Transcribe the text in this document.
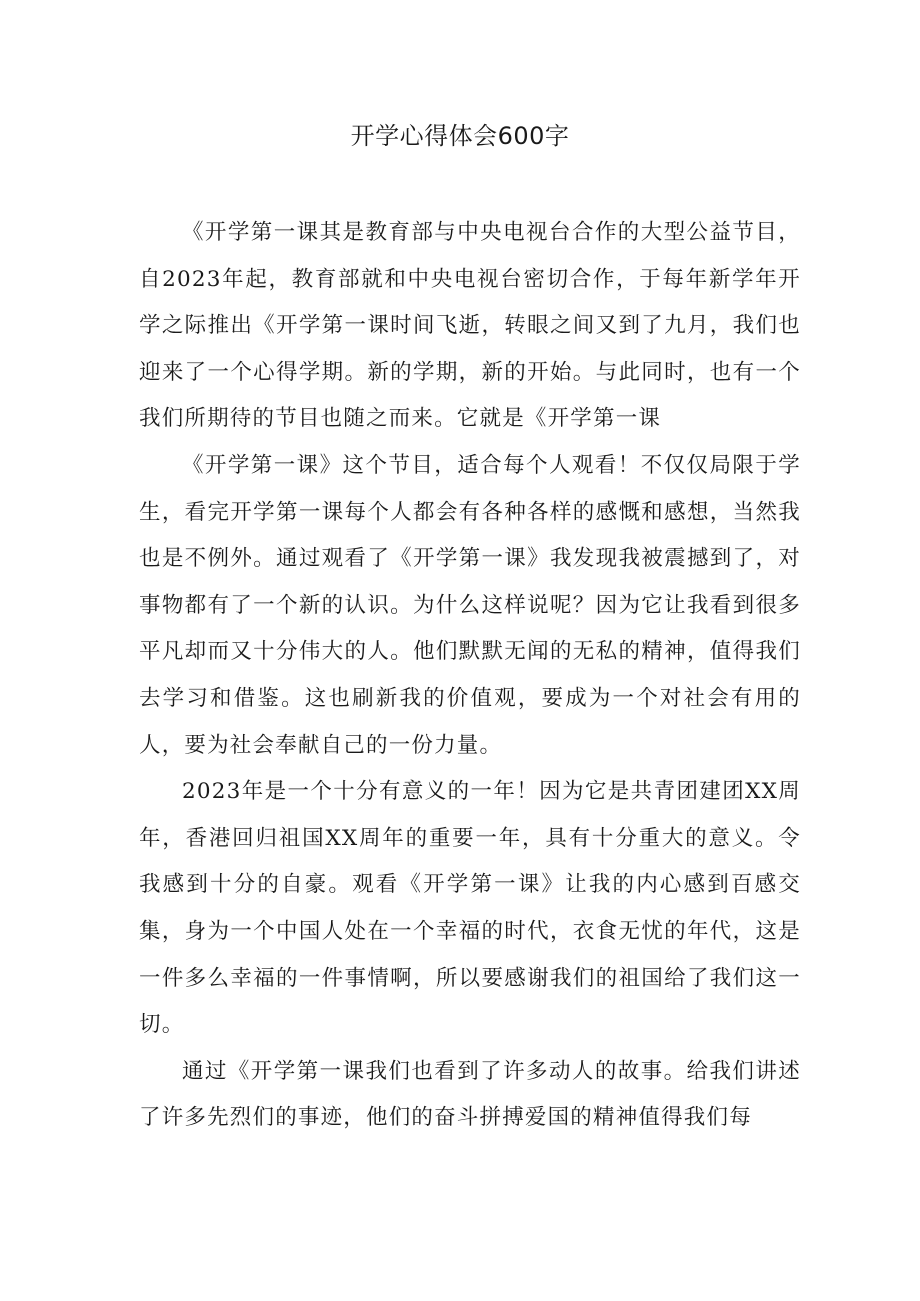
开学心得体会600字

《开学第一课其是教育部与中央电视台合作的大型公益节目，自2023年起，教育部就和中央电视台密切合作，于每年新学年开学之际推出《开学第一课时间飞逝，转眼之间又到了九月，我们也迎来了一个心得学期。新的学期，新的开始。与此同时，也有一个我们所期待的节目也随之而来。它就是《开学第一课

《开学第一课》这个节目，适合每个人观看！不仅仅局限于学生，看完开学第一课每个人都会有各种各样的感慨和感想，当然我也是不例外。通过观看了《开学第一课》我发现我被震撼到了，对事物都有了一个新的认识。为什么这样说呢？因为它让我看到很多平凡却而又十分伟大的人。他们默默无闻的无私的精神，值得我们去学习和借鉴。这也刷新我的价值观，要成为一个对社会有用的人，要为社会奉献自己的一份力量。

2023年是一个十分有意义的一年！因为它是共青团建团XX周年，香港回归祖国XX周年的重要一年，具有十分重大的意义。令我感到十分的自豪。观看《开学第一课》让我的内心感到百感交集，身为一个中国人处在一个幸福的时代，衣食无忧的年代，这是一件多么幸福的一件事情啊，所以要感谢我们的祖国给了我们这一切。

通过《开学第一课我们也看到了许多动人的故事。给我们讲述了许多先烈们的事迹，他们的奋斗拼搏爱国的精神值得我们每
